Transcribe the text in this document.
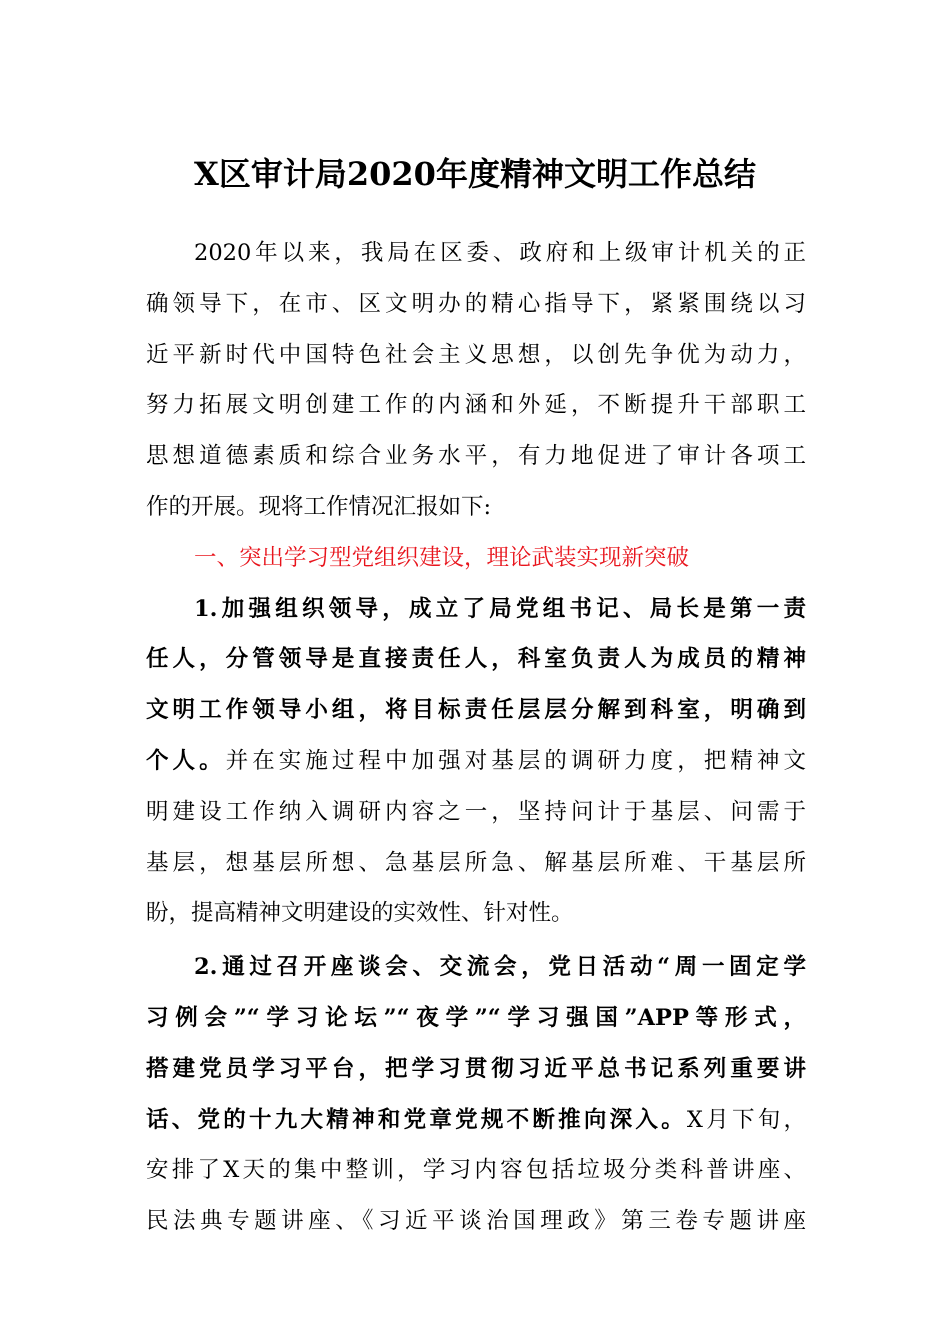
X区审计局2020年度精神文明工作总结
2020年以来，我局在区委、政府和上级审计机关的正
确领导下，在市、区文明办的精心指导下，紧紧围绕以习
近平新时代中国特色社会主义思想，以创先争优为动力，
努力拓展文明创建工作的内涵和外延，不断提升干部职工
思想道德素质和综合业务水平，有力地促进了审计各项工
作的开展。现将工作情况汇报如下:
一、突出学习型党组织建设，理论武装实现新突破
1.加强组织领导，成立了局党组书记、局长是第一责
任人，分管领导是直接责任人，科室负责人为成员的精神
文明工作领导小组，将目标责任层层分解到科室，明确到
个人。并在实施过程中加强对基层的调研力度，把精神文
明建设工作纳入调研内容之一，坚持问计于基层、问需于
基层，想基层所想、急基层所急、解基层所难、干基层所
盼，提高精神文明建设的实效性、针对性。
2.通过召开座谈会、交流会，党日活动“周一固定学
习例会”“学习论坛”“夜学”“学习强国”APP等形式，
搭建党员学习平台，把学习贯彻习近平总书记系列重要讲
话、党的十九大精神和党章党规不断推向深入。X月下旬，
安排了X天的集中整训，学习内容包括垃圾分类科普讲座、
民法典专题讲座、《习近平谈治国理政》第三卷专题讲座
